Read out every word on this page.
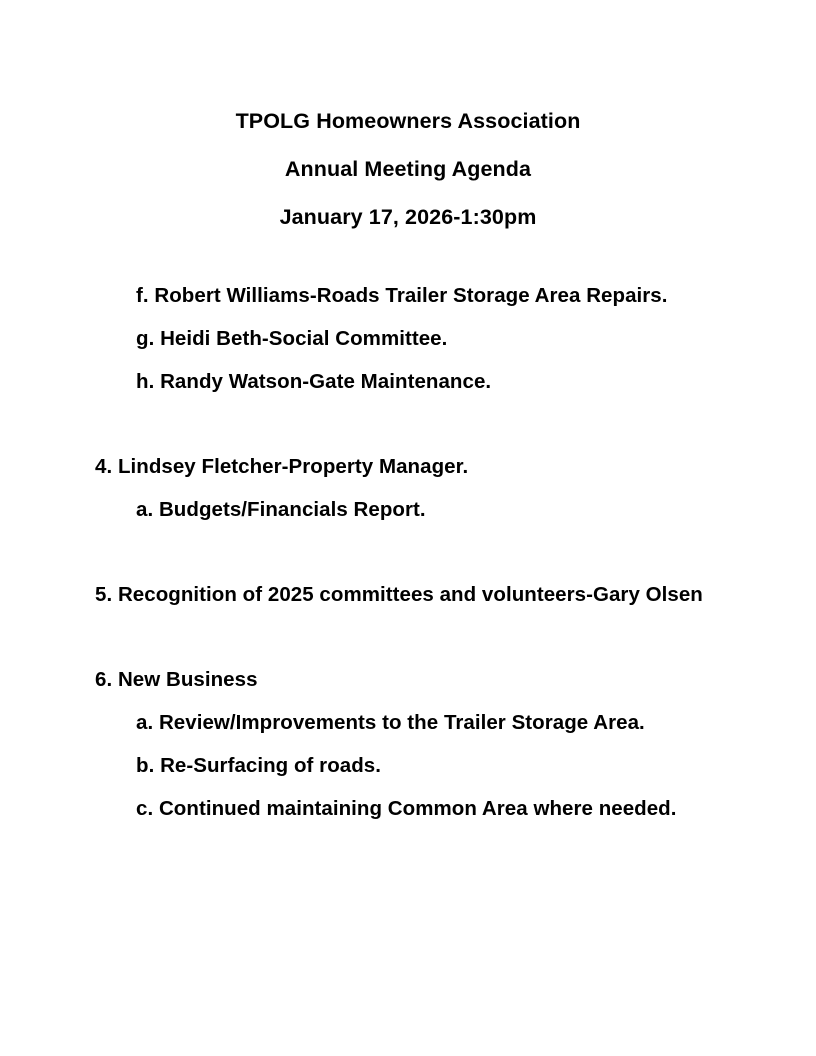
TPOLG Homeowners Association
Annual Meeting Agenda
January 17, 2026-1:30pm
f. Robert Williams-Roads Trailer Storage Area Repairs.
g. Heidi Beth-Social Committee.
h. Randy Watson-Gate Maintenance.
4. Lindsey Fletcher-Property Manager.
a. Budgets/Financials Report.
5. Recognition of 2025 committees and volunteers-Gary Olsen
6. New Business
a. Review/Improvements to the Trailer Storage Area.
b. Re-Surfacing of roads.
c. Continued maintaining Common Area where needed.
